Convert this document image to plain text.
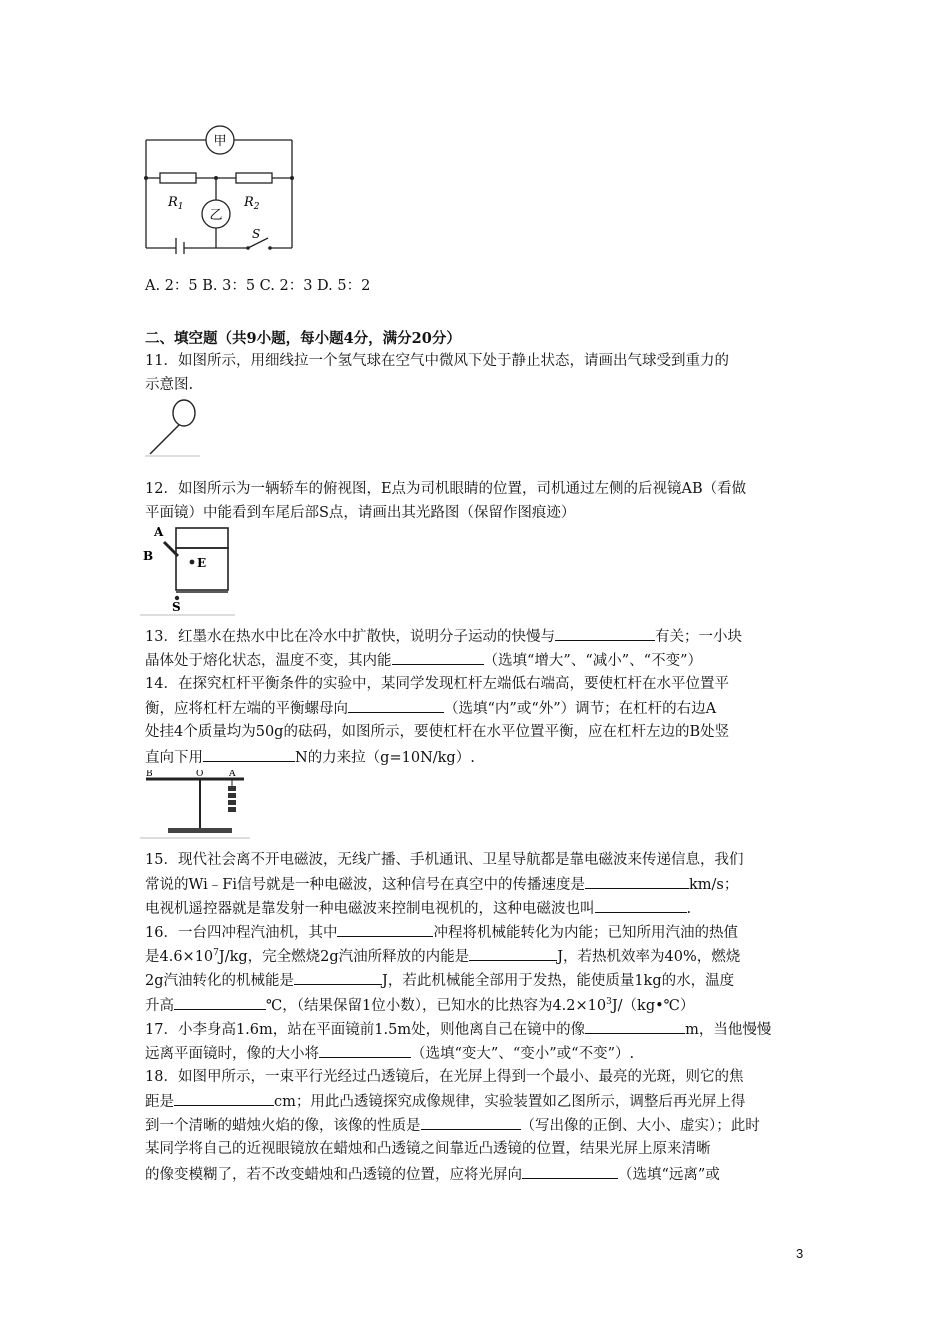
甲
乙
$R_1$	$R_2$
S
A. 2：5 B. 3：5 C. 2：3 D. 5：2
二、填空题（共9小题，每小题4分，满分20分）
11．如图所示，用细线拉一个氢气球在空气中微风下处于静止状态，请画出气球受到重力的
示意图.
12．如图所示为一辆轿车的俯视图，E点为司机眼睛的位置，司机通过左侧的后视镜AB（看做
平面镜）中能看到车尾后部S点，请画出其光路图（保留作图痕迹）
A
B	E
S
13．红墨水在热水中比在冷水中扩散快，说明分子运动的快慢与	有关；一小块
晶体处于熔化状态，温度不变，其内能	（选填“增大”、“减小”、“不变”）
14．在探究杠杆平衡条件的实验中，某同学发现杠杆左端低右端高，要使杠杆在水平位置平
衡，应将杠杆左端的平衡螺母向	（选填“内”或“外”）调节；在杠杆的右边A
处挂4个质量均为50g的砝码，如图所示，要使杠杆在水平位置平衡，应在杠杆左边的B处竖
直向下用	N的力来拉（g=10N/kg）.
B	O	A
15．现代社会离不开电磁波，无线广播、手机通讯、卫星导航都是靠电磁波来传递信息，我们
常说的Wi﹣Fi信号就是一种电磁波，这种信号在真空中的传播速度是	km/s；
电视机遥控器就是靠发射一种电磁波来控制电视机的，这种电磁波也叫	.
16．一台四冲程汽油机，其中	冲程将机械能转化为内能；已知所用汽油的热值
是$4.6\times 10^7J/kg$，完全燃烧2g汽油所释放的内能是	J，若热机效率为40%，燃烧
2g汽油转化的机械能是	J，若此机械能全部用于发热，能使质量1kg的水，温度
升高	℃，（结果保留1位小数），已知水的比热容为$4.2\times 10^3J/(kg•℃)$
17．小李身高1.6m，站在平面镜前1.5m处，则他离自己在镜中的像	m，当他慢慢
远离平面镜时，像的大小将	（选填“变大”、“变小”或“不变”）.
18．如图甲所示，一束平行光经过凸透镜后，在光屏上得到一个最小、最亮的光斑，则它的焦
距是	cm；用此凸透镜探究成像规律，实验装置如乙图所示，调整后再光屏上得
到一个清晰的蜡烛火焰的像，该像的性质是	（写出像的正倒、大小、虚实）；此时
某同学将自己的近视眼镜放在蜡烛和凸透镜之间靠近凸透镜的位置，结果光屏上原来清晰
的像变模糊了，若不改变蜡烛和凸透镜的位置，应将光屏向	（选填“远离”或
3
